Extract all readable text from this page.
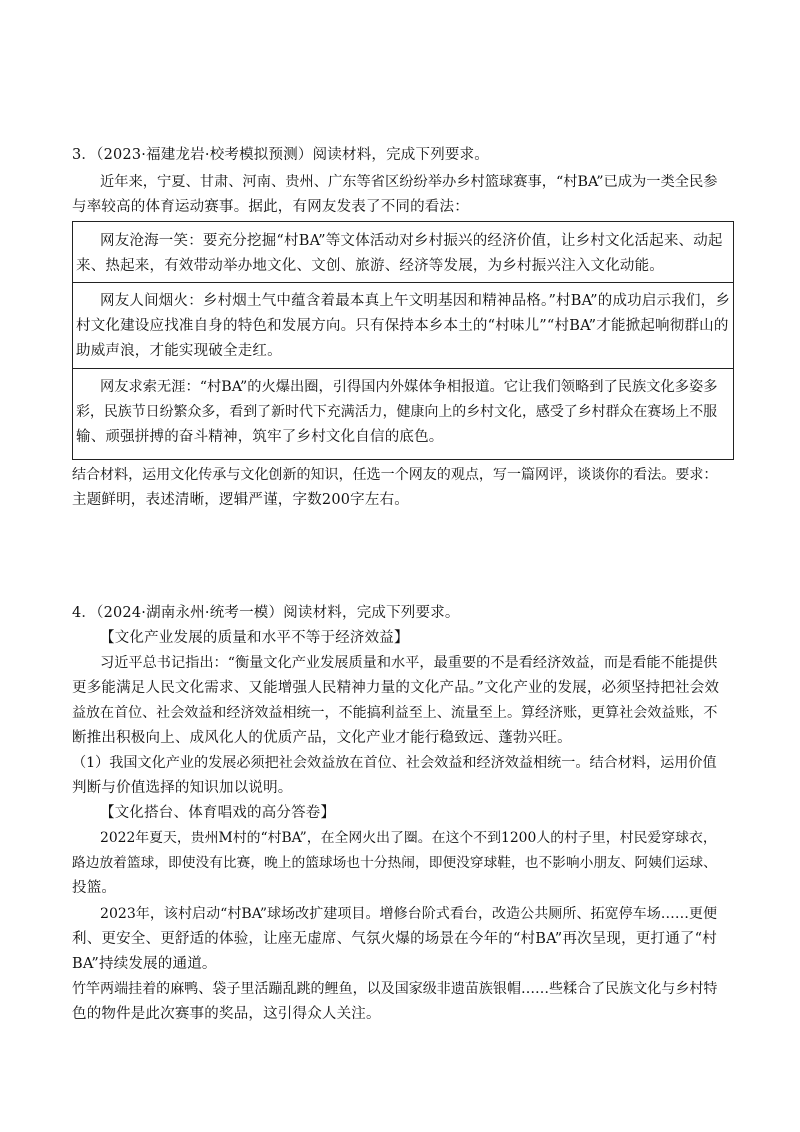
3．（2023·福建龙岩·校考模拟预测）阅读材料，完成下列要求。
近年来，宁夏、甘肃、河南、贵州、广东等省区纷纷举办乡村篮球赛事，“村BA”已成为一类全民参
与率较高的体育运动赛事。据此，有网友发表了不同的看法：
网友沧海一笑：要充分挖掘“村BA”等文体活动对乡村振兴的经济价值，让乡村文化活起来、动起
来、热起来，有效带动举办地文化、文创、旅游、经济等发展，为乡村振兴注入文化动能。
网友人间烟火：乡村烟土气中蕴含着最本真上午文明基因和精神品格。”村BA”的成功启示我们，乡
村文化建设应找准自身的特色和发展方向。只有保持本乡本土的“村味儿”“村BA”才能掀起响彻群山的
助威声浪，才能实现破全走红。
网友求索无涯：“村BA”的火爆出圈，引得国内外媒体争相报道。它让我们领略到了民族文化多姿多
彩，民族节日纷繁众多，看到了新时代下充满活力，健康向上的乡村文化，感受了乡村群众在赛场上不服
输、顽强拼搏的奋斗精神，筑牢了乡村文化自信的底色。
结合材料，运用文化传承与文化创新的知识，任选一个网友的观点，写一篇网评，谈谈你的看法。要求：
主题鲜明，表述清晰，逻辑严谨，字数200字左右。
4．（2024·湖南永州·统考一模）阅读材料，完成下列要求。
【文化产业发展的质量和水平不等于经济效益】
习近平总书记指出：“衡量文化产业发展质量和水平，最重要的不是看经济效益，而是看能不能提供
更多能满足人民文化需求、又能增强人民精神力量的文化产品。”文化产业的发展，必须坚持把社会效
益放在首位、社会效益和经济效益相统一，不能搞利益至上、流量至上。算经济账，更算社会效益账，不
断推出积极向上、成风化人的优质产品，文化产业才能行稳致远、蓬勃兴旺。
（1）我国文化产业的发展必须把社会效益放在首位、社会效益和经济效益相统一。结合材料，运用价值
判断与价值选择的知识加以说明。
【文化搭台、体育唱戏的高分答卷】
2022年夏天，贵州M村的“村BA”，在全网火出了圈。在这个不到1200人的村子里，村民爱穿球衣，
路边放着篮球，即使没有比赛，晚上的篮球场也十分热闹，即便没穿球鞋，也不影响小朋友、阿姨们运球、
投篮。
2023年，该村启动“村BA”球场改扩建项目。增修台阶式看台，改造公共厕所、拓宽停车场……更便
利、更安全、更舒适的体验，让座无虚席、气氛火爆的场景在今年的“村BA”再次呈现，更打通了“村
BA”持续发展的通道。
竹竿两端挂着的麻鸭、袋子里活蹦乱跳的鲤鱼，以及国家级非遗苗族银帽……些糅合了民族文化与乡村特
色的物件是此次赛事的奖品，这引得众人关注。
